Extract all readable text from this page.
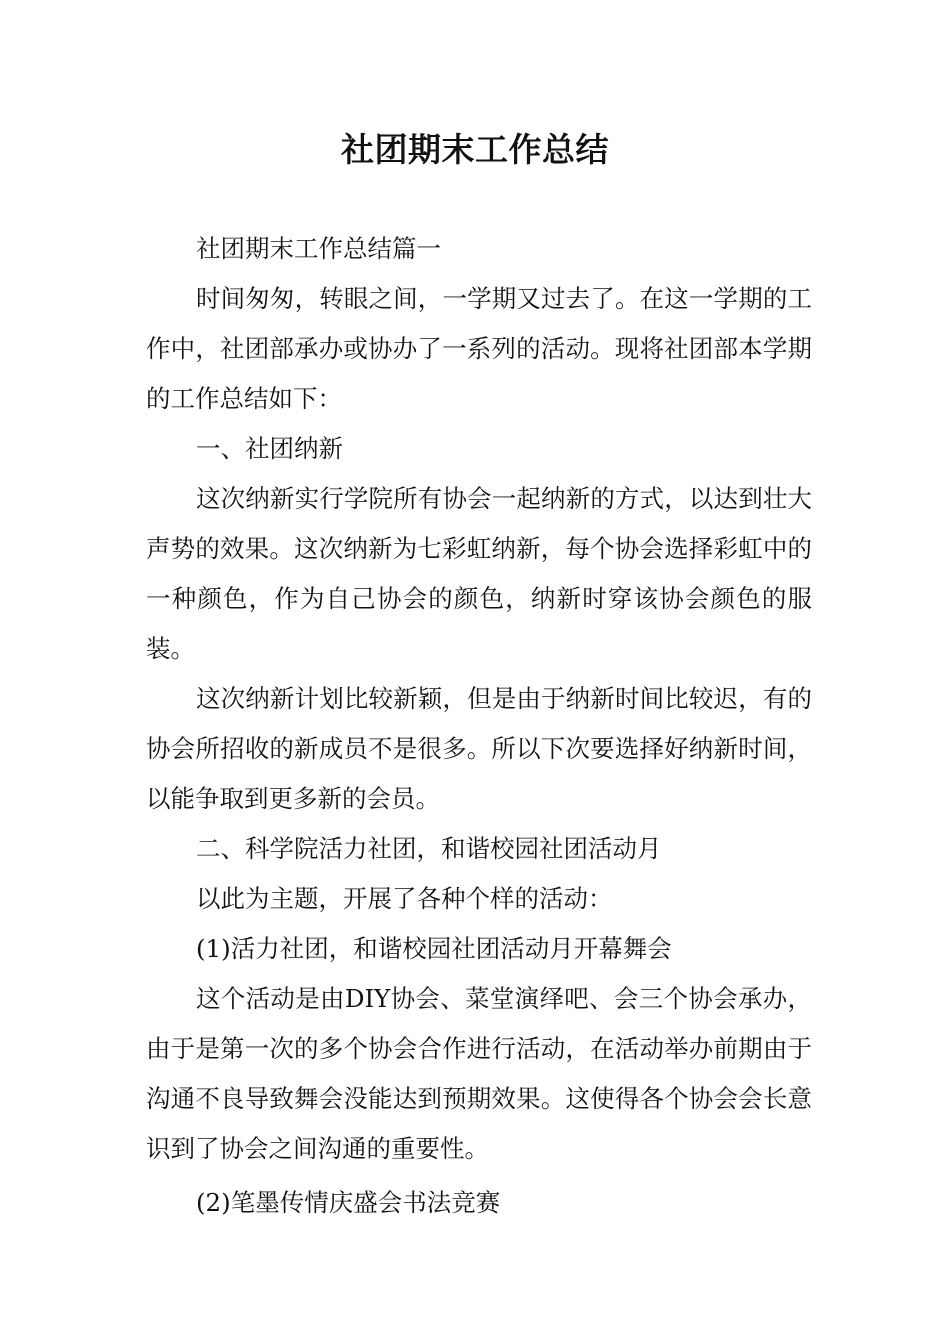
社团期末工作总结

社团期末工作总结篇一

时间匆匆，转眼之间，一学期又过去了。在这一学期的工作中，社团部承办或协办了一系列的活动。现将社团部本学期的工作总结如下：

一、社团纳新

这次纳新实行学院所有协会一起纳新的方式，以达到壮大声势的效果。这次纳新为七彩虹纳新，每个协会选择彩虹中的一种颜色，作为自己协会的颜色，纳新时穿该协会颜色的服装。

这次纳新计划比较新颖，但是由于纳新时间比较迟，有的协会所招收的新成员不是很多。所以下次要选择好纳新时间，以能争取到更多新的会员。

二、科学院活力社团，和谐校园社团活动月

以此为主题，开展了各种个样的活动：

(1)活力社团，和谐校园社团活动月开幕舞会

这个活动是由DIY协会、菜堂演绎吧、会三个协会承办，由于是第一次的多个协会合作进行活动，在活动举办前期由于沟通不良导致舞会没能达到预期效果。这使得各个协会会长意识到了协会之间沟通的重要性。

(2)笔墨传情庆盛会书法竞赛
